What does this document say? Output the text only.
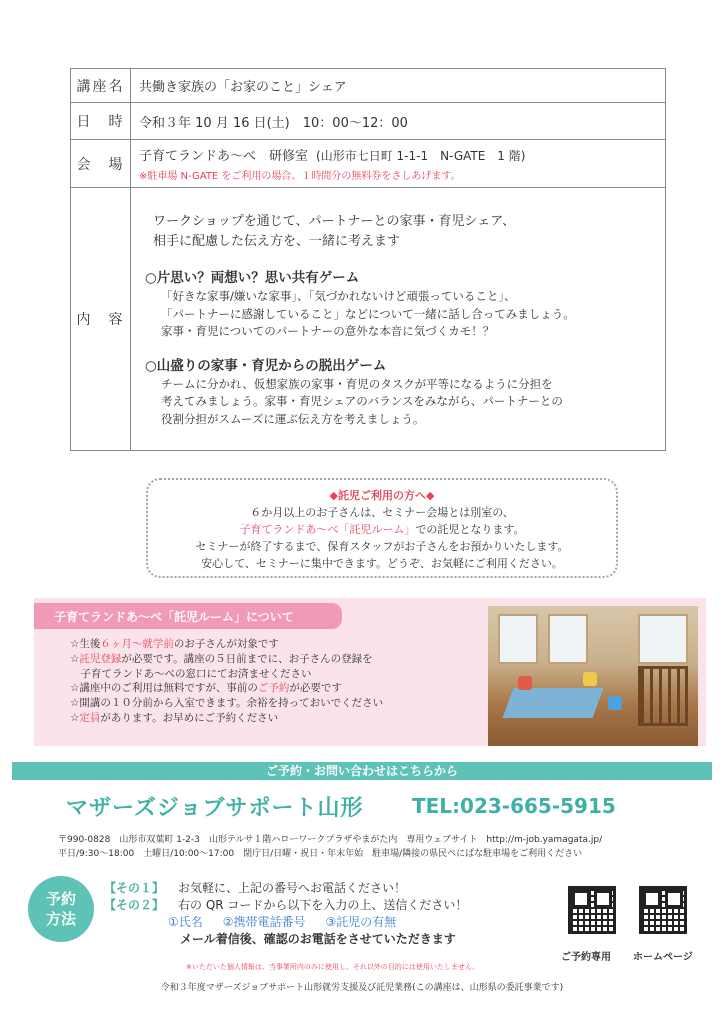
講座名	共働き家族の「お家のこと」シェア
日　時	令和３年 10 月 16 日(土)　10：00〜12：00
会　場	子育てランドあ〜べ　研修室 (山形市七日町 1-1-1　N-GATE　1 階)
※駐車場 N-GATE をご利用の場合、１時間分の無料券をさしあげます。
内　容
ワークショップを通じて、パートナーとの家事・育児シェア、
相手に配慮した伝え方を、一緒に考えます
○片思い？両想い？思い共有ゲーム
「好きな家事/嫌いな家事」、「気づかれないけど頑張っていること」、
「パートナーに感謝していること」などについて一緒に話し合ってみましょう。
家事・育児についてのパートナーの意外な本音に気づくカモ！？
○山盛りの家事・育児からの脱出ゲーム
チームに分かれ、仮想家族の家事・育児のタスクが平等になるように分担を
考えてみましょう。家事・育児シェアのバランスをみながら、パートナーとの
役割分担がスムーズに運ぶ伝え方を考えましょう。
◆託児ご利用の方へ◆
６か月以上のお子さんは、セミナー会場とは別室の、
子育てランドあ〜べ「託児ルーム」での託児となります。
セミナーが終了するまで、保育スタッフがお子さんをお預かりいたします。
安心して、セミナーに集中できます。どうぞ、お気軽にご利用ください。
子育てランドあ〜べ「託児ルーム」について
☆生後６ヶ月〜就学前のお子さんが対象です
☆託児登録が必要です。講座の５日前までに、お子さんの登録を
　子育てランドあ〜べの窓口にてお済ませください
☆講座中のご利用は無料ですが、事前のご予約が必要です
☆開講の１０分前から入室できます。余裕を持っておいでください
☆定員があります。お早めにご予約ください
ご予約・お問い合わせはこちらから
マザーズジョブサポート山形 TEL:023-665-5915
〒990-0828　山形市双葉町 1-2-3　山形テルサ１階ハローワークプラザやまがた内　専用ウェブサイト　http://m-job.yamagata.jp/
平日/9:30〜18:00　土曜日/10:00〜17:00　閉庁日/日曜・祝日・年末年始　駐車場/隣接の県民ぺにばな駐車場をご利用ください
予約
方法
【その１】 お気軽に、上記の番号へお電話ください！
【その２】 右の QR コードから以下を入力の上、送信ください！
①氏名 ②携帯電話番号 ③託児の有無
メール着信後、確認のお電話をさせていただきます
※いただいた個人情報は、当事業所内のみに使用し、それ以外の目的には使用いたしません。
ご予約専用 ホームページ
令和３年度マザーズジョブサポート山形就労支援及び託児業務(この講座は、山形県の委託事業です)
